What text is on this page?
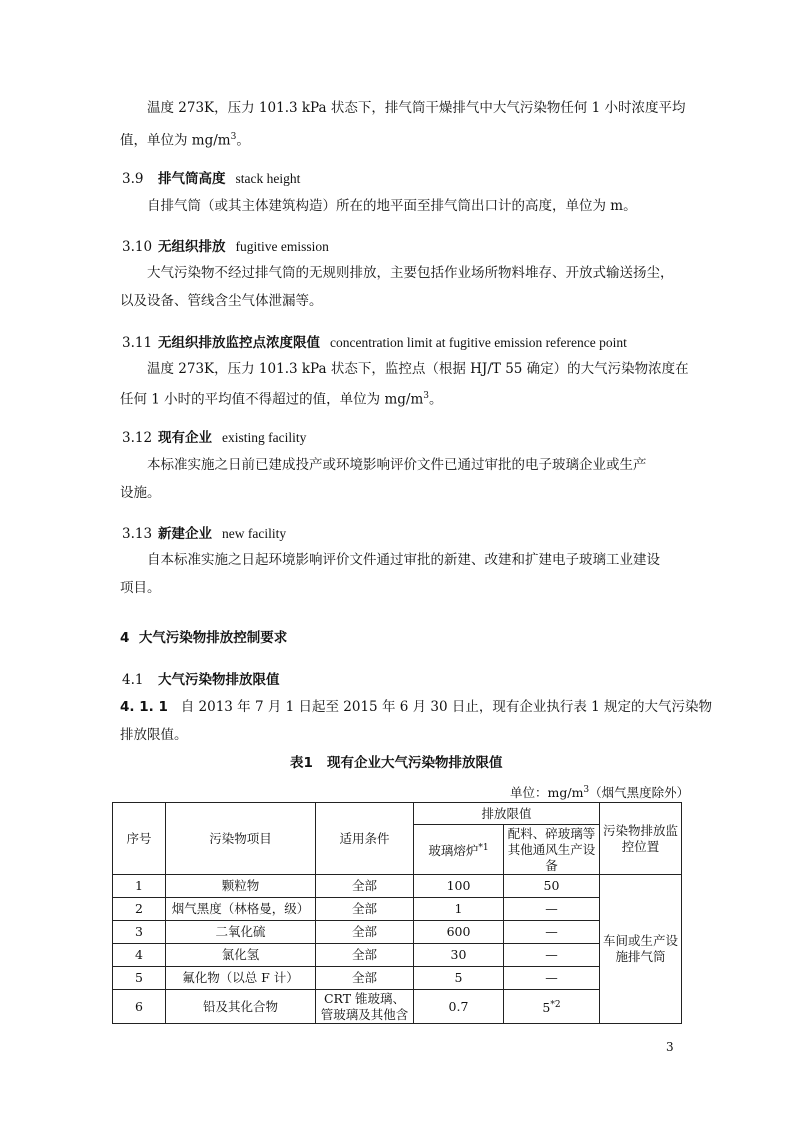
温度 273K，压力 101.3 kPa 状态下，排气筒干燥排气中大气污染物任何 1 小时浓度平均
值，单位为 $mg/m^3$。
3.9 排气筒高度 stack height
自排气筒（或其主体建筑构造）所在的地平面至排气筒出口计的高度，单位为 m。
3.10 无组织排放 fugitive emission
大气污染物不经过排气筒的无规则排放，主要包括作业场所物料堆存、开放式输送扬尘，
以及设备、管线含尘气体泄漏等。
3.11 无组织排放监控点浓度限值 concentration limit at fugitive emission reference point
温度 273K，压力 101.3 kPa 状态下，监控点（根据 HJ/T 55 确定）的大气污染物浓度在
任何 1 小时的平均值不得超过的值，单位为 $mg/m^3$。
3.12 现有企业 existing facility
本标准实施之日前已建成投产或环境影响评价文件已通过审批的电子玻璃企业或生产
设施。
3.13 新建企业 new facility
自本标准实施之日起环境影响评价文件通过审批的新建、改建和扩建电子玻璃工业建设
项目。
4 大气污染物排放控制要求
4.1 大气污染物排放限值
4. 1. 1 自 2013 年 7 月 1 日起至 2015 年 6 月 30 日止，现有企业执行表 1 规定的大气污染物
排放限值。
表1 现有企业大气污染物排放限值
单位：$mg/m^3$（烟气黑度除外）
序号	污染物项目	适用条件	排放限值		污染物排放监控位置
			玻璃熔炉$^{*1}$	配料、碎玻璃等其他通风生产设备	
1	颗粒物	全部	100	50	车间或生产设施排气筒
2	烟气黑度（林格曼，级）	全部	1	—	
3	二氧化硫	全部	600	—	
4	氯化氢	全部	30	—	
5	氟化物（以总 F 计）	全部	5	—	
6	铅及其化合物	CRT 锥玻璃、管玻璃及其他含	0.7	5$^{*2}$
3
